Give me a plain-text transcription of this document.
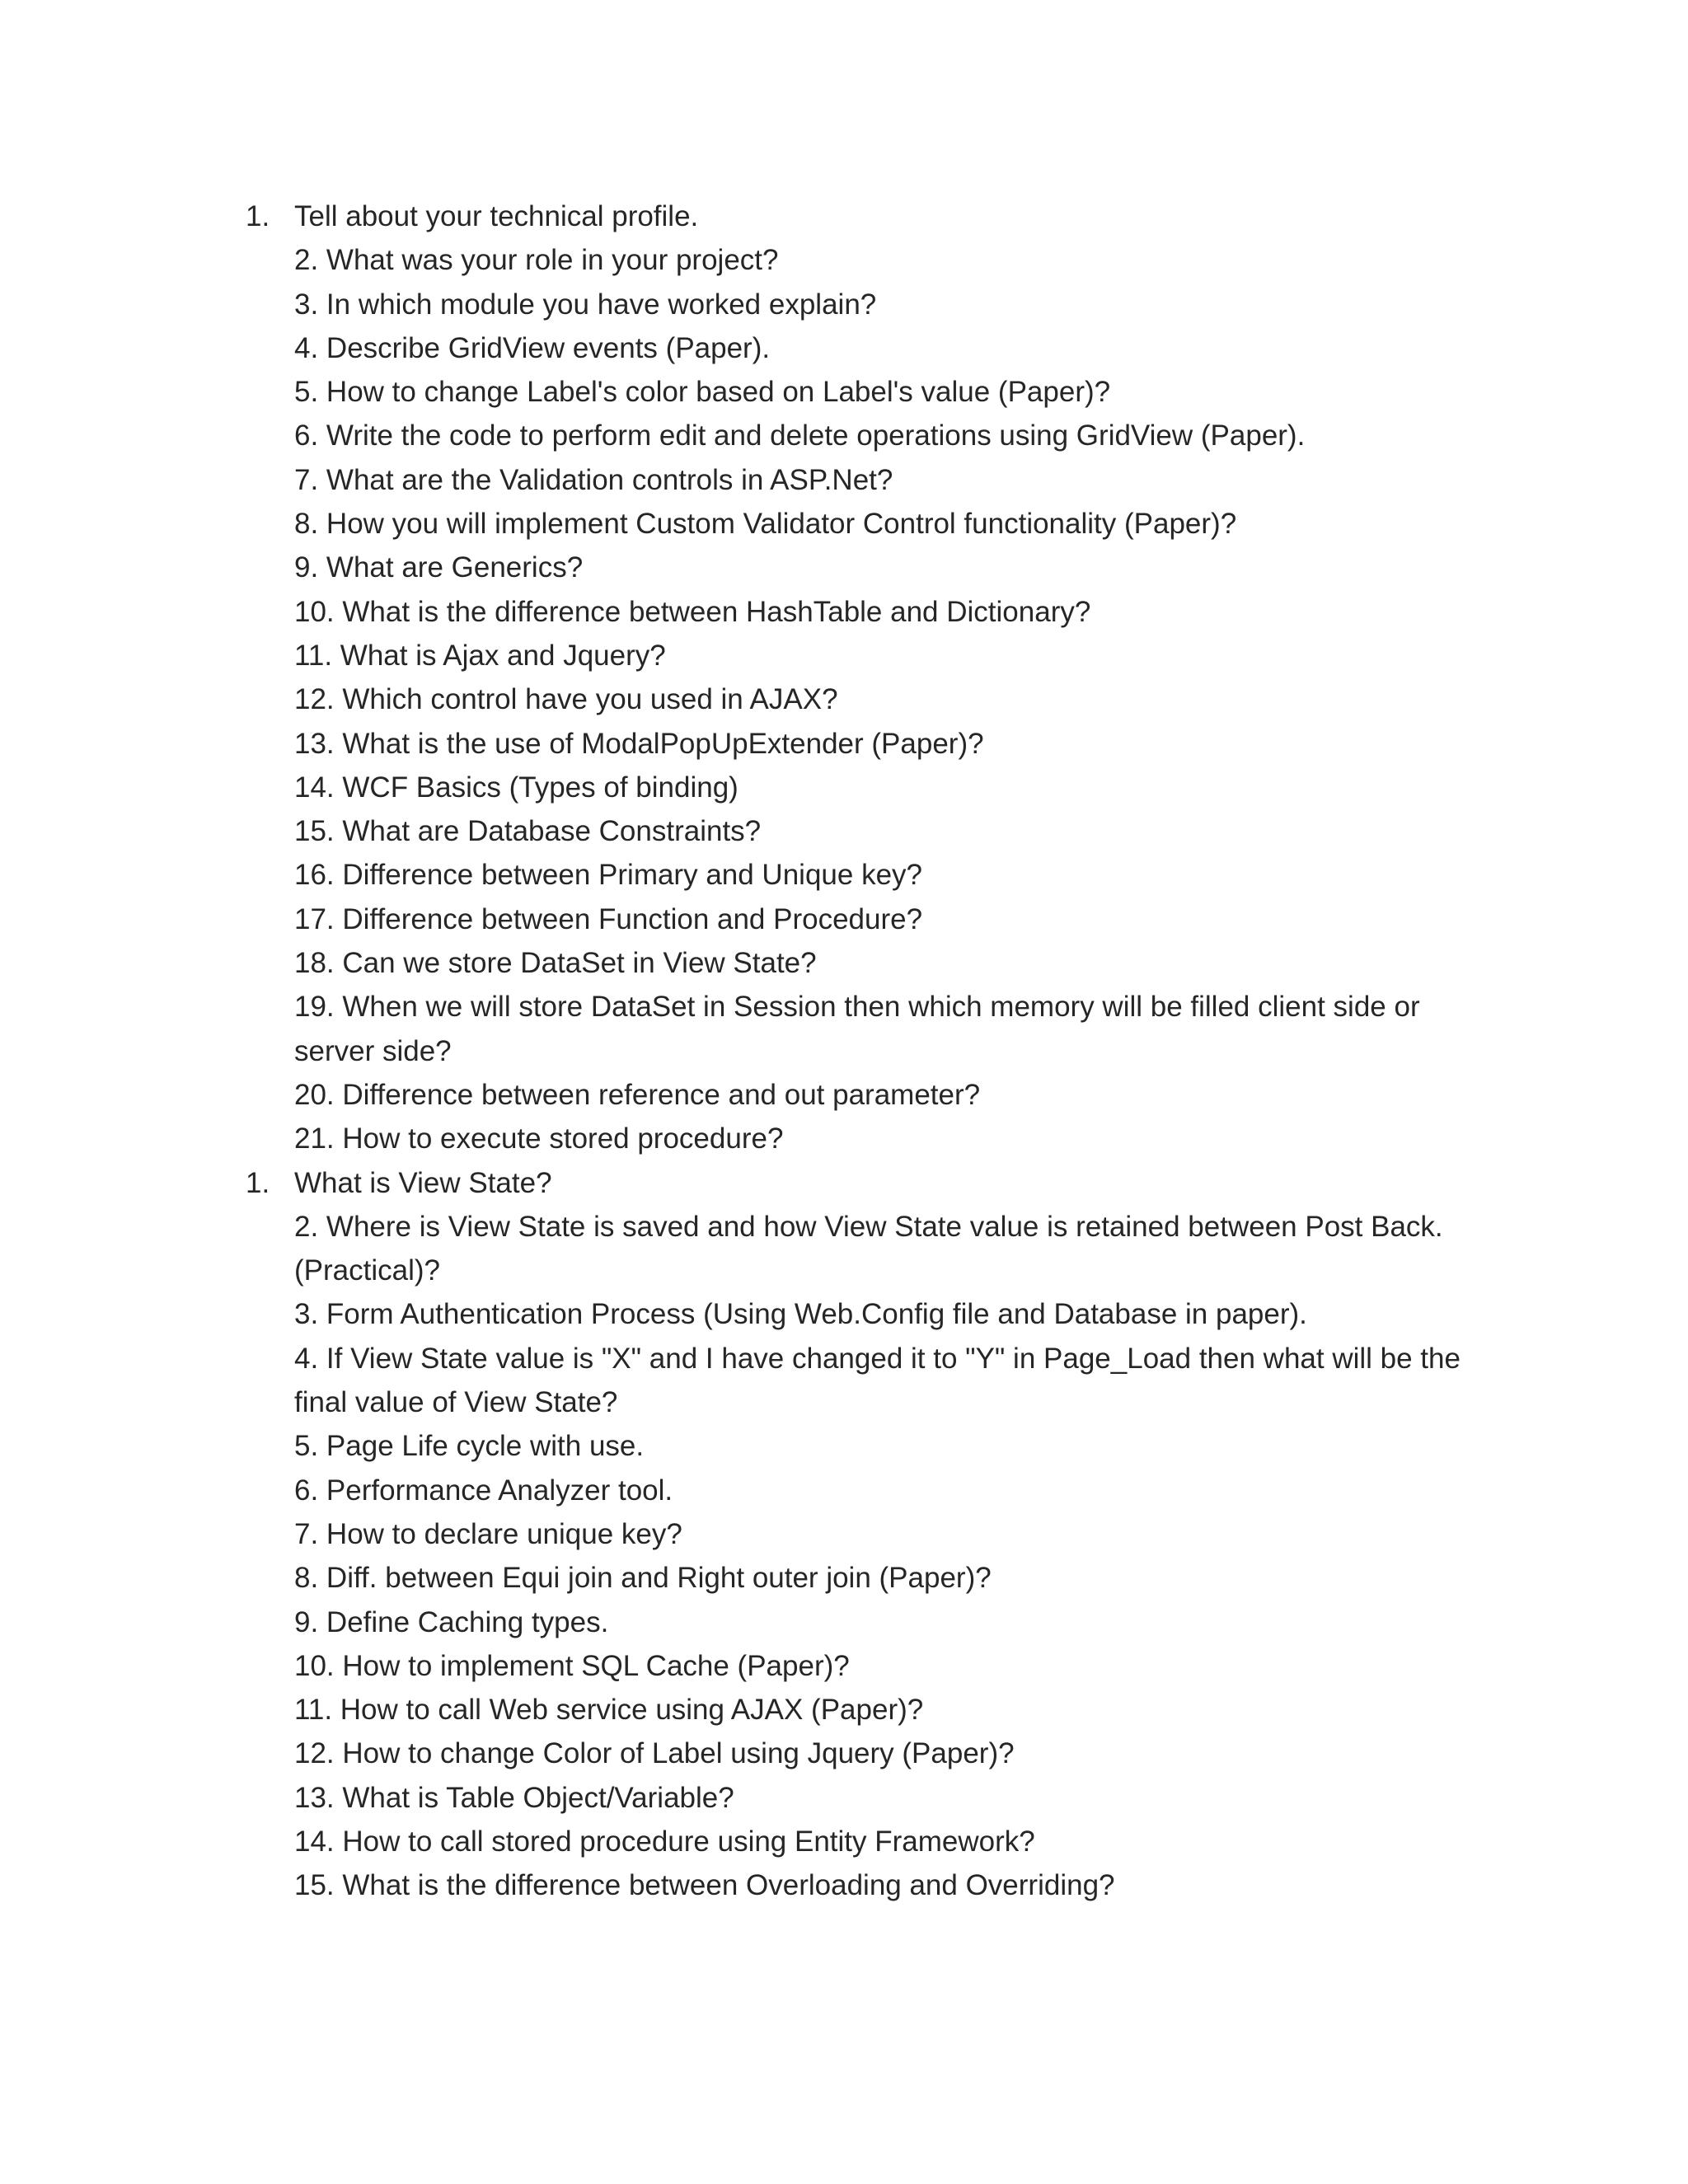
1. Tell about your technical profile.
2. What was your role in your project?
3. In which module you have worked explain?
4. Describe GridView events (Paper).
5. How to change Label's color based on Label's value (Paper)?
6. Write the code to perform edit and delete operations using GridView (Paper).
7. What are the Validation controls in ASP.Net?
8. How you will implement Custom Validator Control functionality (Paper)?
9. What are Generics?
10. What is the difference between HashTable and Dictionary?
11. What is Ajax and Jquery?
12. Which control have you used in AJAX?
13. What is the use of ModalPopUpExtender (Paper)?
14. WCF Basics (Types of binding)
15. What are Database Constraints?
16. Difference between Primary and Unique key?
17. Difference between Function and Procedure?
18. Can we store DataSet in View State?
19. When we will store DataSet in Session then which memory will be filled client side or
server side?
20. Difference between reference and out parameter?
21. How to execute stored procedure?
1. What is View State?
2. Where is View State is saved and how View State value is retained between Post Back.
(Practical)?
3. Form Authentication Process (Using Web.Config file and Database in paper).
4. If View State value is "X" and I have changed it to "Y" in Page_Load then what will be the
final value of View State?
5. Page Life cycle with use.
6. Performance Analyzer tool.
7. How to declare unique key?
8. Diff. between Equi join and Right outer join (Paper)?
9. Define Caching types.
10. How to implement SQL Cache (Paper)?
11. How to call Web service using AJAX (Paper)?
12. How to change Color of Label using Jquery (Paper)?
13. What is Table Object/Variable?
14. How to call stored procedure using Entity Framework?
15. What is the difference between Overloading and Overriding?
